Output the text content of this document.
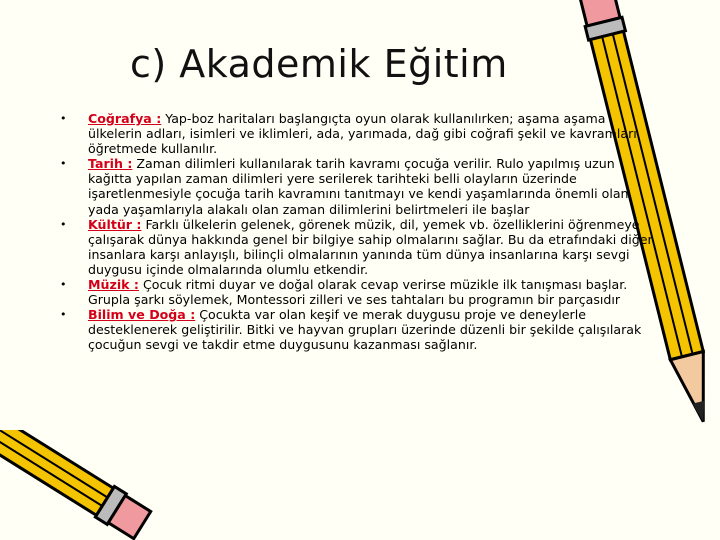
c) Akademik Eğitim
• Coğrafya : Yap-boz haritaları başlangıçta oyun olarak kullanılırken; aşama aşama ülkelerin adları, isimleri ve iklimleri, ada, yarımada, dağ gibi coğrafi şekil ve kavramları öğretmede kullanılır.
• Tarih : Zaman dilimleri kullanılarak tarih kavramı çocuğa verilir. Rulo yapılmış uzun kağıtta yapılan zaman dilimleri yere serilerek tarihteki belli olayların üzerinde işaretlenmesiyle çocuğa tarih kavramını tanıtmayı ve kendi yaşamlarında önemli olan yada yaşamlarıyla alakalı olan zaman dilimlerini belirtmeleri ile başlar
• Kültür : Farklı ülkelerin gelenek, görenek müzik, dil, yemek vb. özelliklerini öğrenmeye çalışarak dünya hakkında genel bir bilgiye sahip olmalarını sağlar. Bu da etrafındaki diğer insanlara karşı anlayışlı, bilinçli olmalarının yanında tüm dünya insanlarına karşı sevgi duygusu içinde olmalarında olumlu etkendir.
• Müzik : Çocuk ritmi duyar ve doğal olarak cevap verirse müzikle ilk tanışması başlar. Grupla şarkı söylemek, Montessori zilleri ve ses tahtaları bu programın bir parçasıdır
• Bilim ve Doğa : Çocukta var olan keşif ve merak duygusu proje ve deneylerle desteklenerek geliştirilir. Bitki ve hayvan grupları üzerinde düzenli bir şekilde çalışılarak çocuğun sevgi ve takdir etme duygusunu kazanması sağlanır.
